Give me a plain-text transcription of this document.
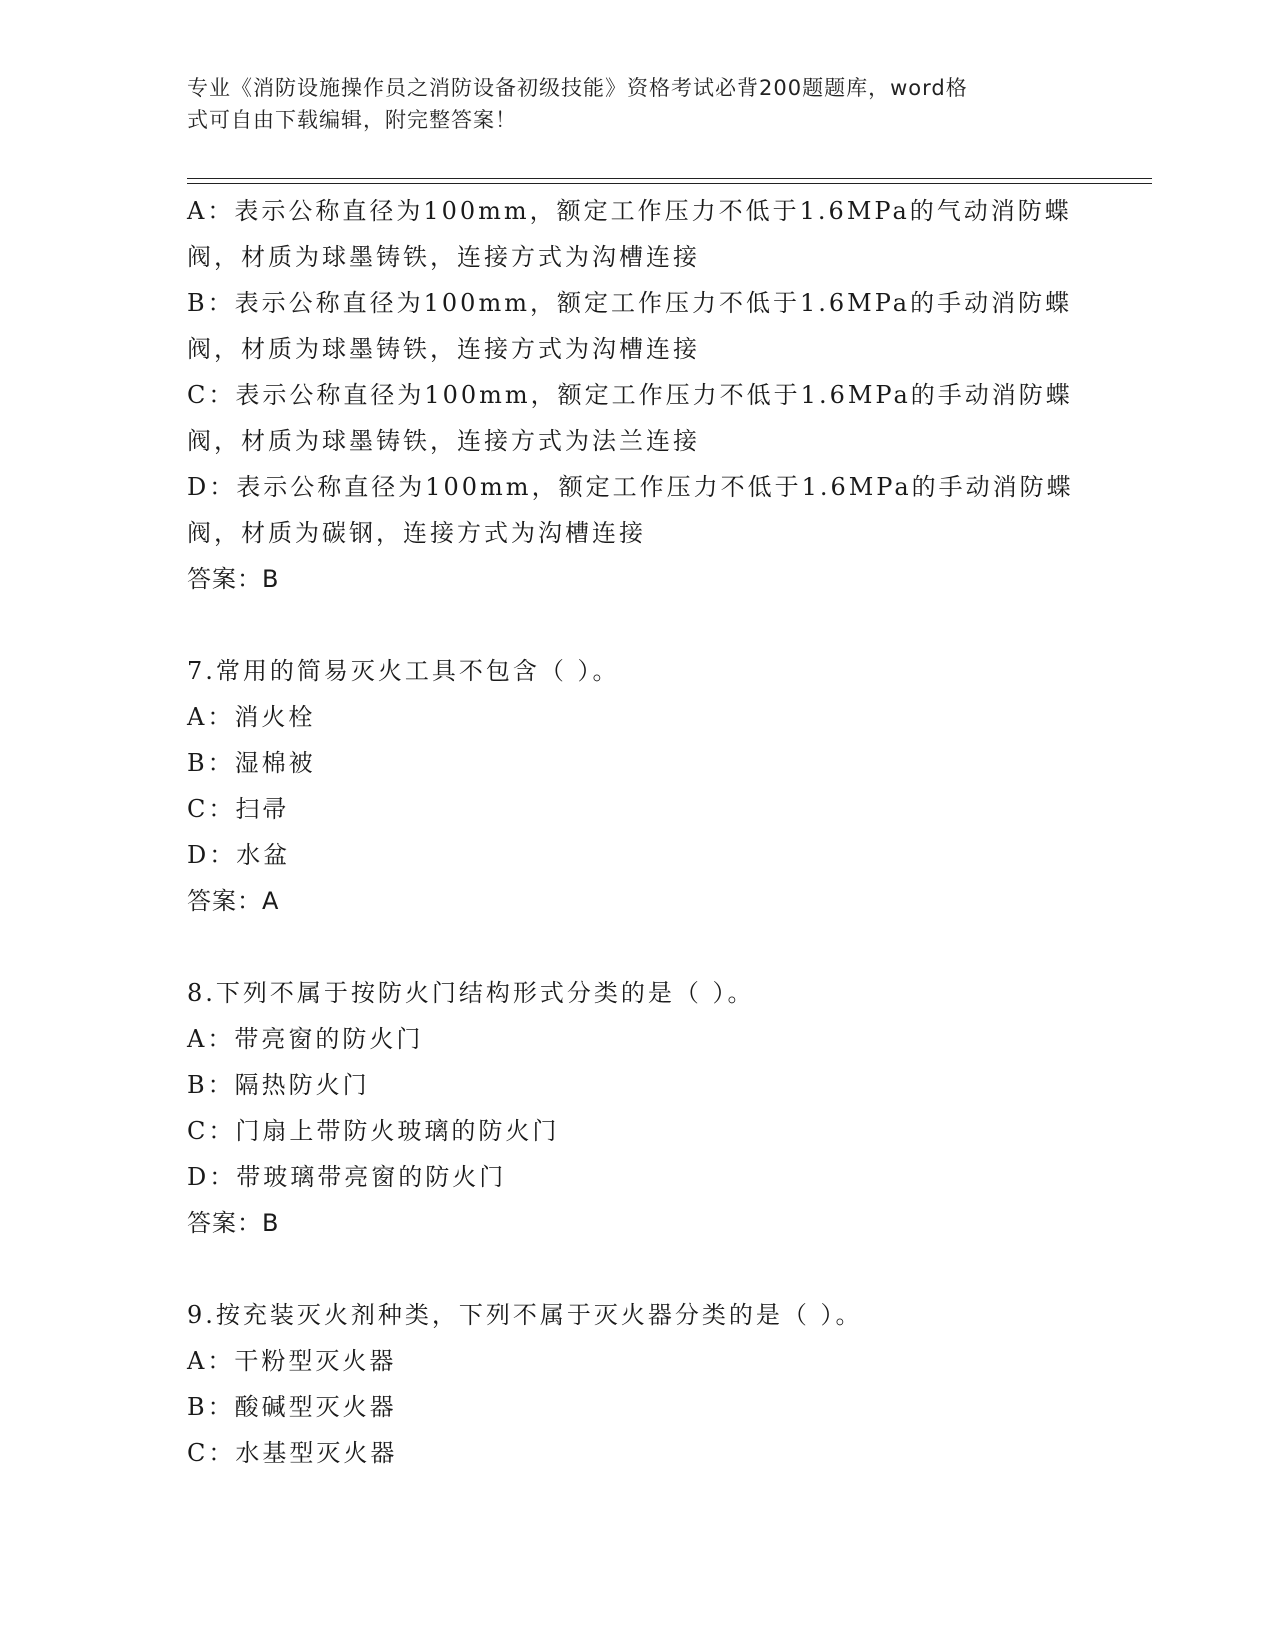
专业《消防设施操作员之消防设备初级技能》资格考试必背200题题库，word格
式可自由下载编辑，附完整答案！
A：表示公称直径为100mm，额定工作压力不低于1.6MPa的气动消防蝶
阀，材质为球墨铸铁，连接方式为沟槽连接
B：表示公称直径为100mm，额定工作压力不低于1.6MPa的手动消防蝶
阀，材质为球墨铸铁，连接方式为沟槽连接
C：表示公称直径为100mm，额定工作压力不低于1.6MPa的手动消防蝶
阀，材质为球墨铸铁，连接方式为法兰连接
D：表示公称直径为100mm，额定工作压力不低于1.6MPa的手动消防蝶
阀，材质为碳钢，连接方式为沟槽连接
答案：B
7.常用的简易灭火工具不包含（ ）。
A：消火栓
B：湿棉被
C：扫帚
D：水盆
答案：A
8.下列不属于按防火门结构形式分类的是（ ）。
A：带亮窗的防火门
B：隔热防火门
C：门扇上带防火玻璃的防火门
D：带玻璃带亮窗的防火门
答案：B
9.按充装灭火剂种类，下列不属于灭火器分类的是（ ）。
A：干粉型灭火器
B：酸碱型灭火器
C：水基型灭火器
